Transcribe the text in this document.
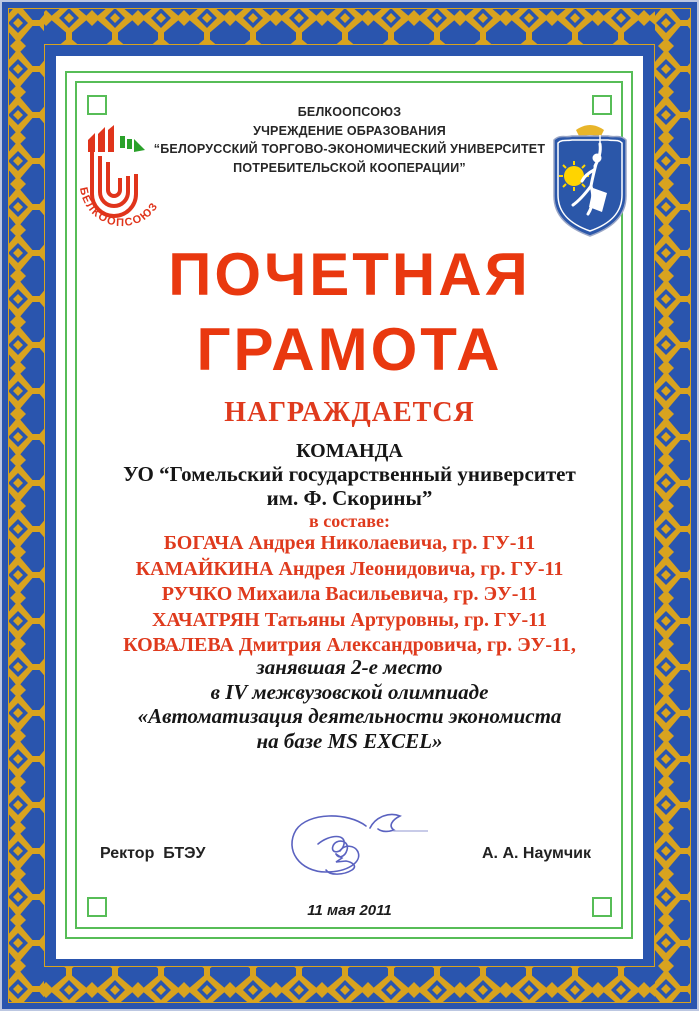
БЕЛКООПСОЮЗ
БЕЛКООПСОЮЗ
УЧРЕЖДЕНИЕ ОБРАЗОВАНИЯ
“БЕЛОРУССКИЙ ТОРГОВО-ЭКОНОМИЧЕСКИЙ УНИВЕРСИТЕТ
ПОТРЕБИТЕЛЬСКОЙ КООПЕРАЦИИ”
ПОЧЕТНАЯ
ГРАМОТА
НАГРАЖДАЕТСЯ
КОМАНДА
УО “Гомельский государственный университет
им. Ф. Скорины”
в составе:
БОГАЧА Андрея Николаевича, гр. ГУ-11
КАМАЙКИНА Андрея Леонидовича, гр. ГУ-11
РУЧКО Михаила Васильевича, гр. ЭУ-11
ХАЧАТРЯН Татьяны Артуровны, гр. ГУ-11
КОВАЛЕВА Дмитрия Александровича, гр. ЭУ-11,
занявшая 2-е место
в IV межвузовской олимпиаде
«Автоматизация деятельности экономиста
на базе MS EXCEL»
Ректор  БТЭУ	А. А. Наумчик
11 мая 2011
